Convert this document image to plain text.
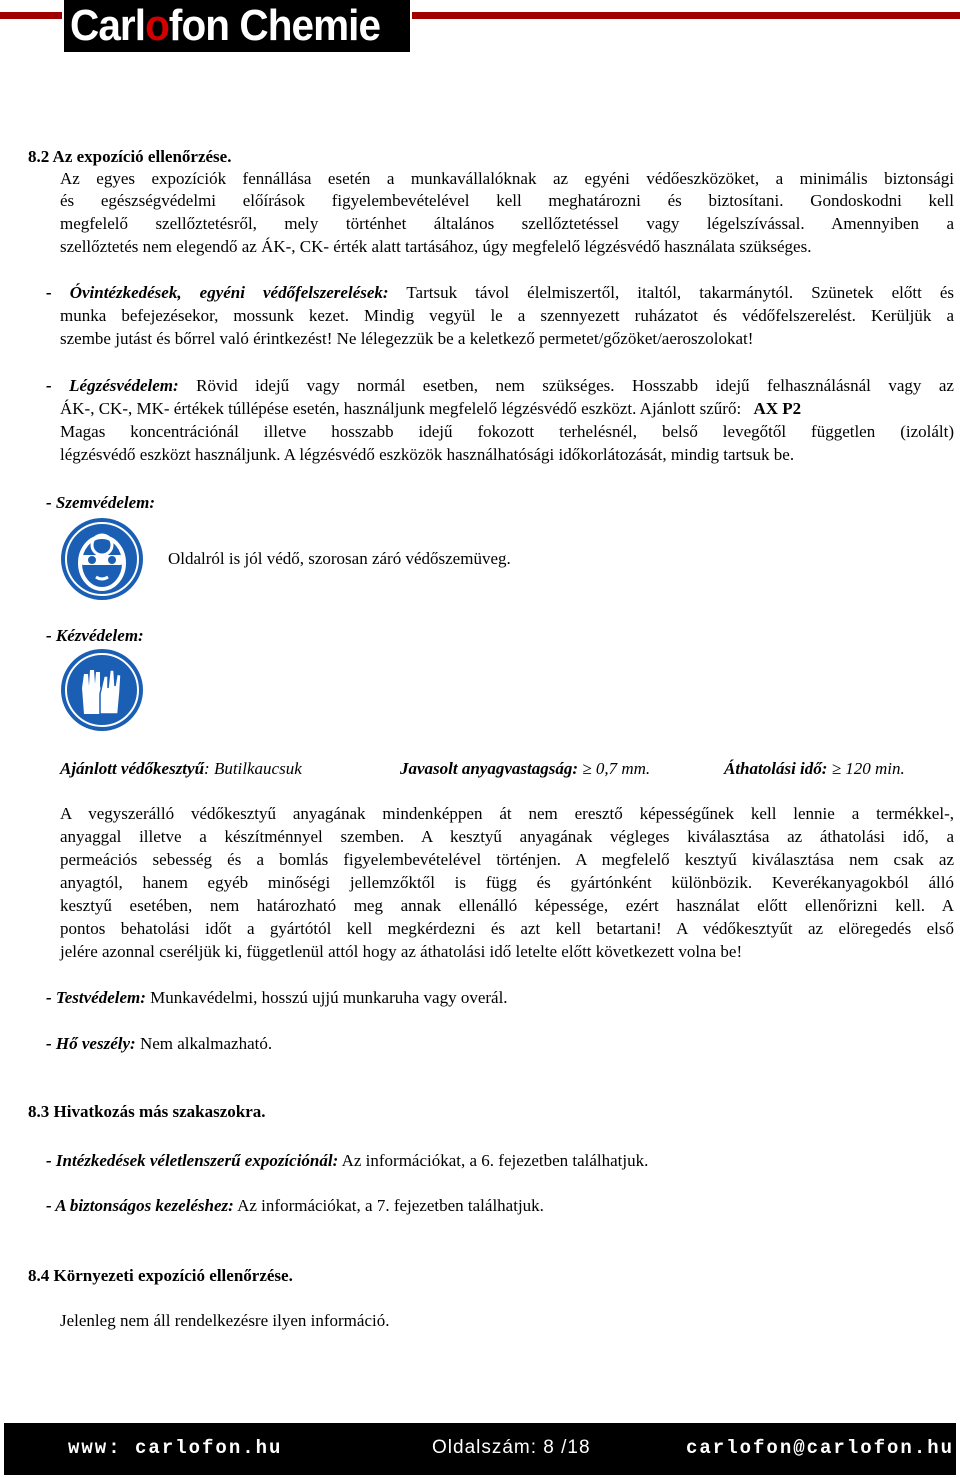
Carlofon Chemie
8.2 Az expozíció ellenőrzése.
Az egyes expozíciók fennállása esetén a munkavállalóknak az egyéni védőeszközöket, a minimális biztonsági
és egészségvédelmi előírások figyelembevételével kell meghatározni és biztosítani. Gondoskodni kell
megfelelő szellőztetésről, mely történhet általános szellőztetéssel vagy légelszívással. Amennyiben a
szellőztetés nem elegendő az ÁK-, CK- érték alatt tartásához, úgy megfelelő légzésvédő használata szükséges.
- Óvintézkedések, egyéni védőfelszerelések: Tartsuk távol élelmiszertől, italtól, takarmánytól. Szünetek előtt és
munka befejezésekor, mossunk kezet. Mindig vegyül le a szennyezett ruházatot és védőfelszerelést. Kerüljük a
szembe jutást és bőrrel való érintkezést! Ne lélegezzük be a keletkező permetet/gőzöket/aeroszolokat!
- Légzésvédelem: Rövid idejű vagy normál esetben, nem szükséges. Hosszabb idejű felhasználásnál vagy az
ÁK-, CK-, MK- értékek túllépése esetén, használjunk megfelelő légzésvédő eszközt. Ajánlott szűrő: AX P2
Magas koncentrációnál illetve hosszabb idejű fokozott terhelésnél, belső levegőtől független (izolált)
légzésvédő eszközt használjunk. A légzésvédő eszközök használhatósági időkorlátozását, mindig tartsuk be.
- Szemvédelem:
Oldalról is jól védő, szorosan záró védőszemüveg.
- Kézvédelem:
Ajánlott védőkesztyű: Butilkaucsuk	Javasolt anyagvastagság: ≥ 0,7 mm.	Áthatolási idő: ≥ 120 min.
A vegyszerálló védőkesztyű anyagának mindenképpen át nem eresztő képességűnek kell lennie a termékkel-,
anyaggal illetve a készítménnyel szemben. A kesztyű anyagának végleges kiválasztása az áthatolási idő, a
permeációs sebesség és a bomlás figyelembevételével történjen. A megfelelő kesztyű kiválasztása nem csak az
anyagtól, hanem egyéb minőségi jellemzőktől is függ és gyártónként különbözik. Keverékanyagokból álló
kesztyű esetében, nem határozható meg annak ellenálló képessége, ezért használat előtt ellenőrizni kell. A
pontos behatolási időt a gyártótól kell megkérdezni és azt kell betartani! A védőkesztyűt az elöregedés első
jelére azonnal cseréljük ki, függetlenül attól hogy az áthatolási idő letelte előtt következett volna be!
- Testvédelem: Munkavédelmi, hosszú ujjú munkaruha vagy overál.
- Hő veszély: Nem alkalmazható.
8.3 Hivatkozás más szakaszokra.
- Intézkedések véletlenszerű expozíciónál: Az információkat, a 6. fejezetben találhatjuk.
- A biztonságos kezeléshez: Az információkat, a 7. fejezetben találhatjuk.
8.4 Környezeti expozíció ellenőrzése.
Jelenleg nem áll rendelkezésre ilyen információ.
www: carlofon.hu	Oldalszám: 8 /18	carlofon@carlofon.hu
